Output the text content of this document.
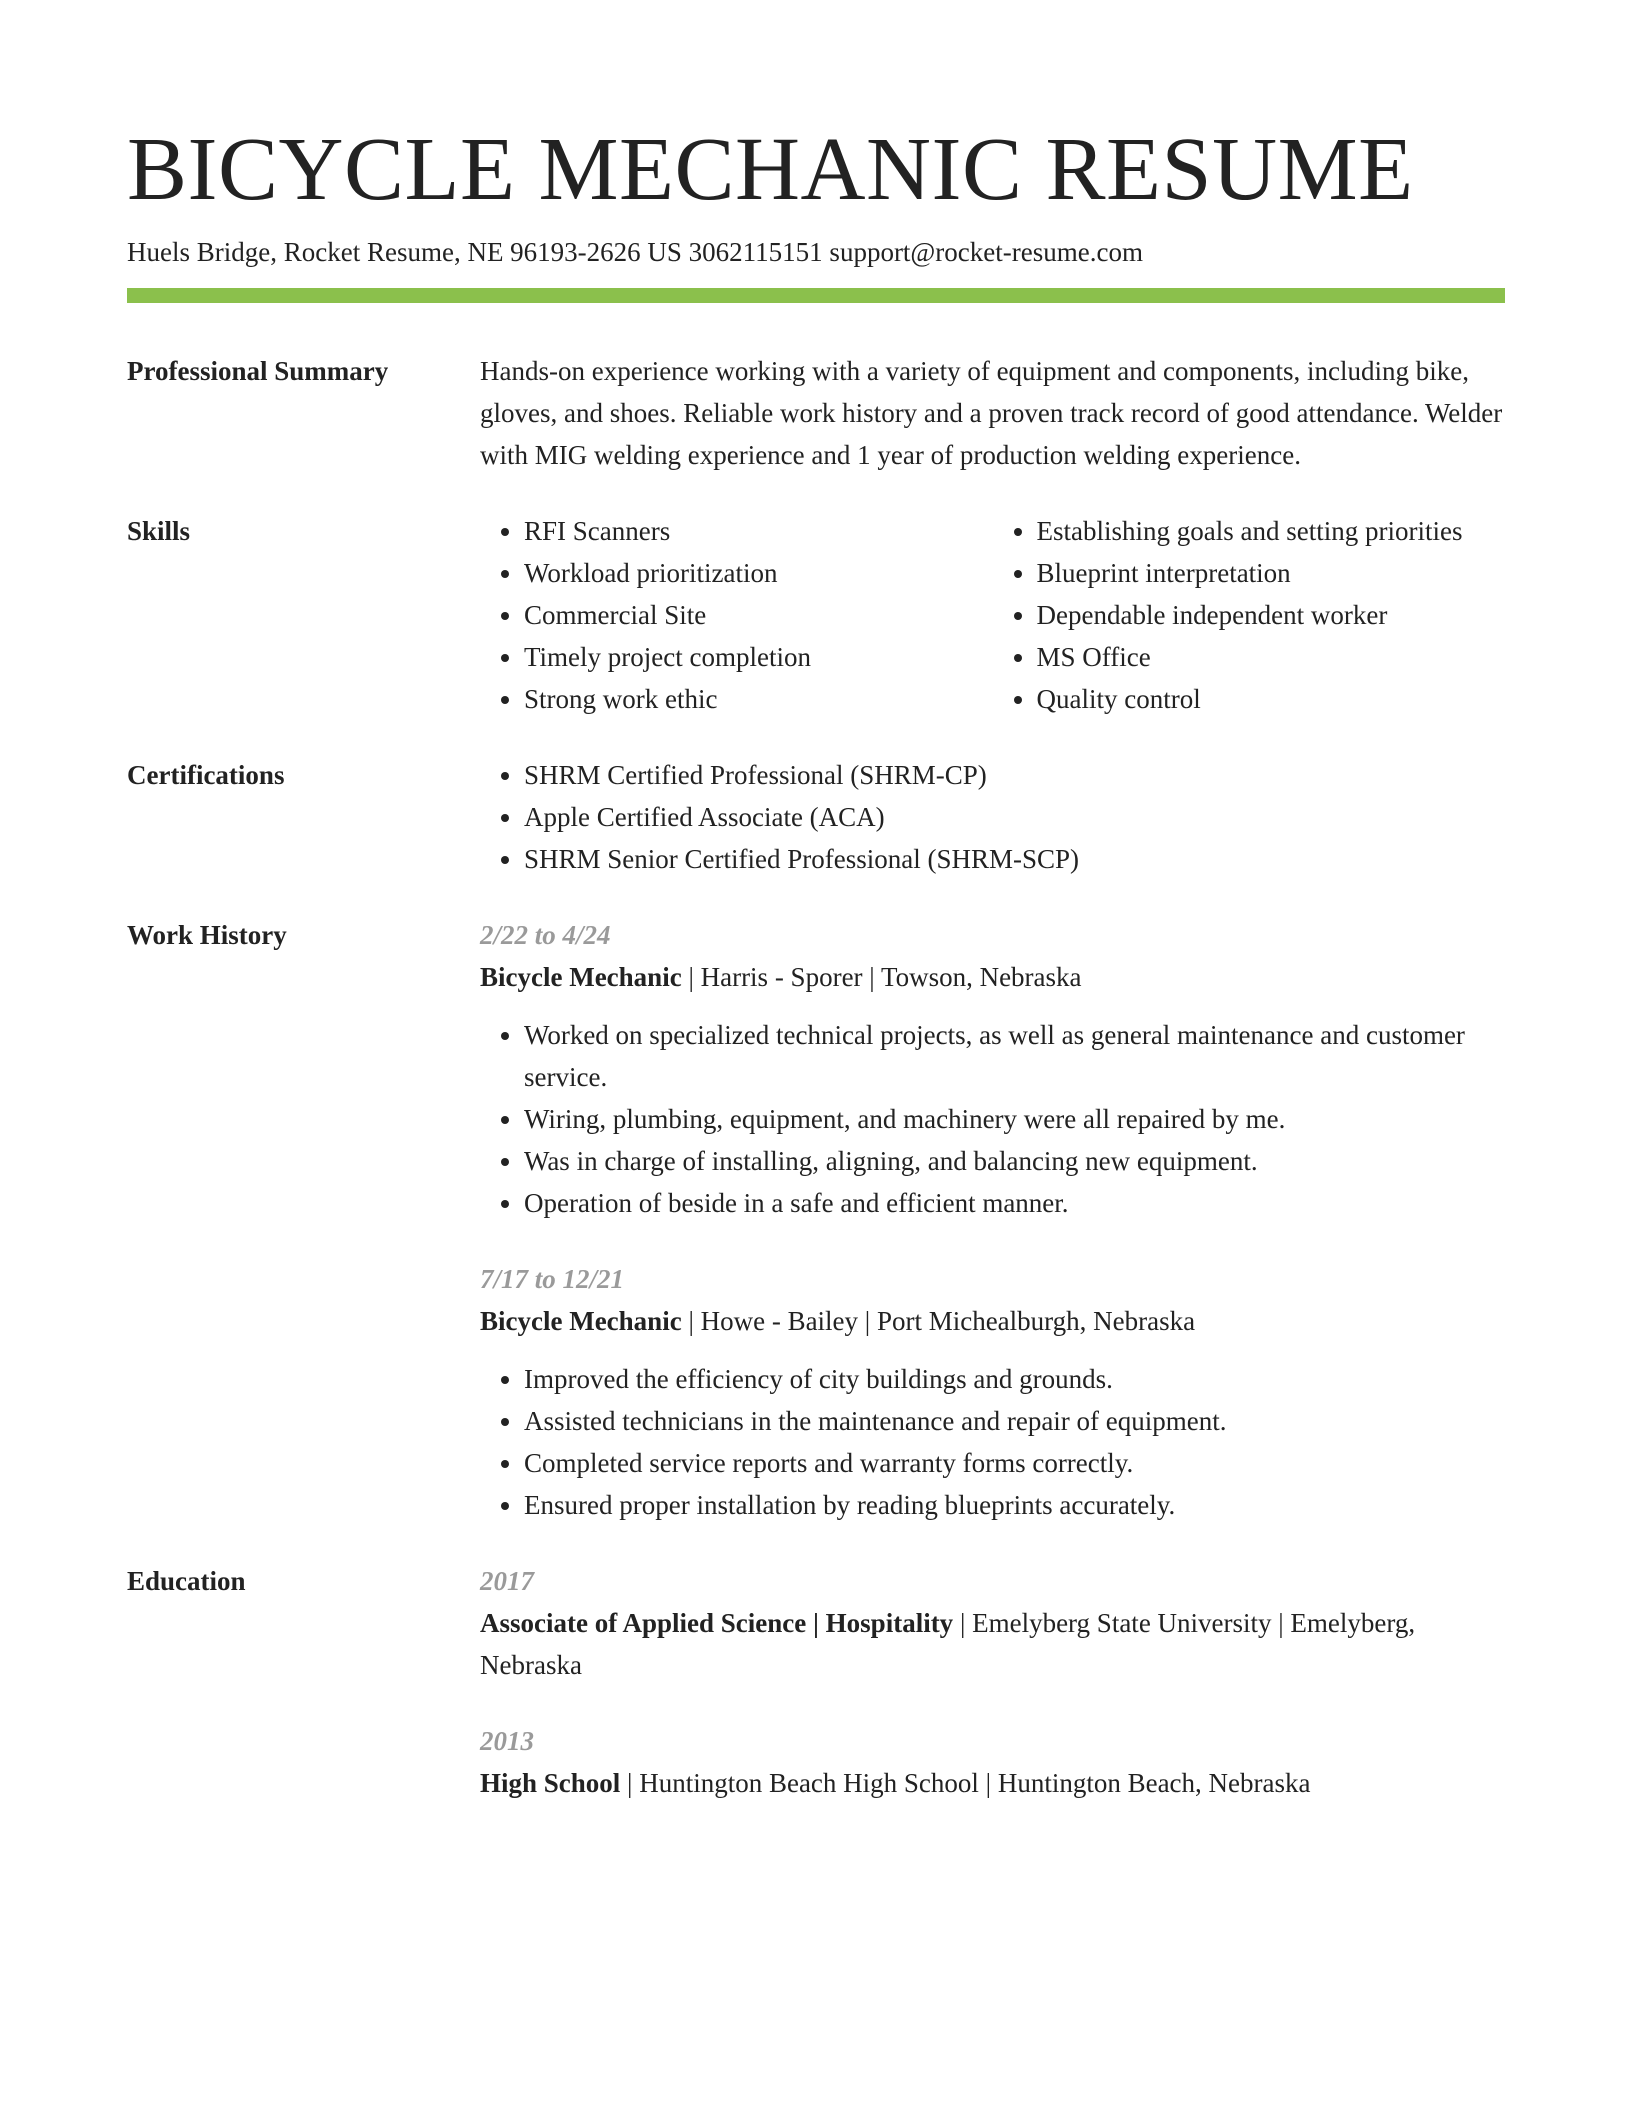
BICYCLE MECHANIC RESUME
Huels Bridge, Rocket Resume, NE 96193-2626 US 3062115151 support@rocket-resume.com
Professional Summary	Hands-on experience working with a variety of equipment and components, including bike, gloves, and shoes. Reliable work history and a proven track record of good attendance. Welder with MIG welding experience and 1 year of production welding experience.

Skills	• RFI Scanners
• Workload prioritization
• Commercial Site
• Timely project completion
• Strong work ethic
• Establishing goals and setting priorities
• Blueprint interpretation
• Dependable independent worker
• MS Office
• Quality control
Certifications	• SHRM Certified Professional (SHRM-CP)
• Apple Certified Associate (ACA)
• SHRM Senior Certified Professional (SHRM-SCP)
Work History	2/22 to 4/24
Bicycle Mechanic | Harris - Sporer | Towson, Nebraska
• Worked on specialized technical projects, as well as general maintenance and customer service.
• Wiring, plumbing, equipment, and machinery were all repaired by me.
• Was in charge of installing, aligning, and balancing new equipment.
• Operation of beside in a safe and efficient manner.
7/17 to 12/21
Bicycle Mechanic | Howe - Bailey | Port Michealburgh, Nebraska
• Improved the efficiency of city buildings and grounds.
• Assisted technicians in the maintenance and repair of equipment.
• Completed service reports and warranty forms correctly.
• Ensured proper installation by reading blueprints accurately.
Education	2017
Associate of Applied Science | Hospitality | Emelyberg State University | Emelyberg, Nebraska
2013
High School | Huntington Beach High School | Huntington Beach, Nebraska
